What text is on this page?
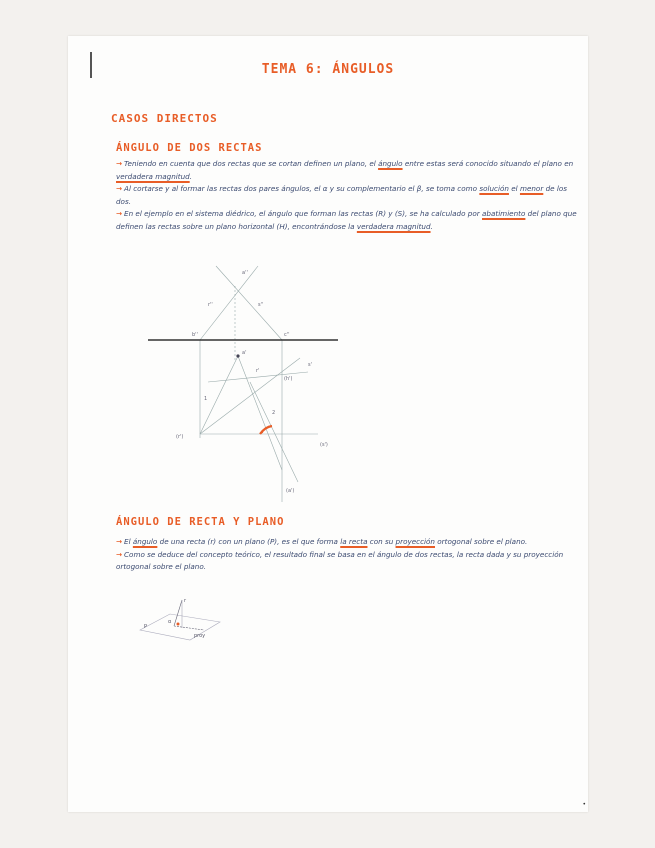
TEMA 6: ÁNGULOS
CASOS DIRECTOS
ÁNGULO DE DOS RECTAS
→ Teniendo en cuenta que dos rectas que se cortan definen un plano, el ángulo entre estas será conocido situando el plano en verdadera magnitud.
→ Al cortarse y al formar las rectas dos pares ángulos, el α y su complementario el β, se toma como solución el menor de los dos.
→ En el ejemplo en el sistema diédrico, el ángulo que forman las rectas (R) y (S), se ha calculado por abatimiento del plano que definen las rectas sobre un plano horizontal (H), encontrándose la verdadera magnitud.
a''
r''	s''
b''	c''
a'
r'
s'
(h')
1
2
(r')
(s')
(a')
ÁNGULO DE RECTA Y PLANO
→ El ángulo de una recta (r) con un plano (P), es el que forma la recta con su proyección ortogonal sobre el plano.
→ Como se deduce del concepto teórico, el resultado final se basa en el ángulo de dos rectas, la recta dada y su proyección ortogonal sobre el plano.
r
P
α
proy
•
